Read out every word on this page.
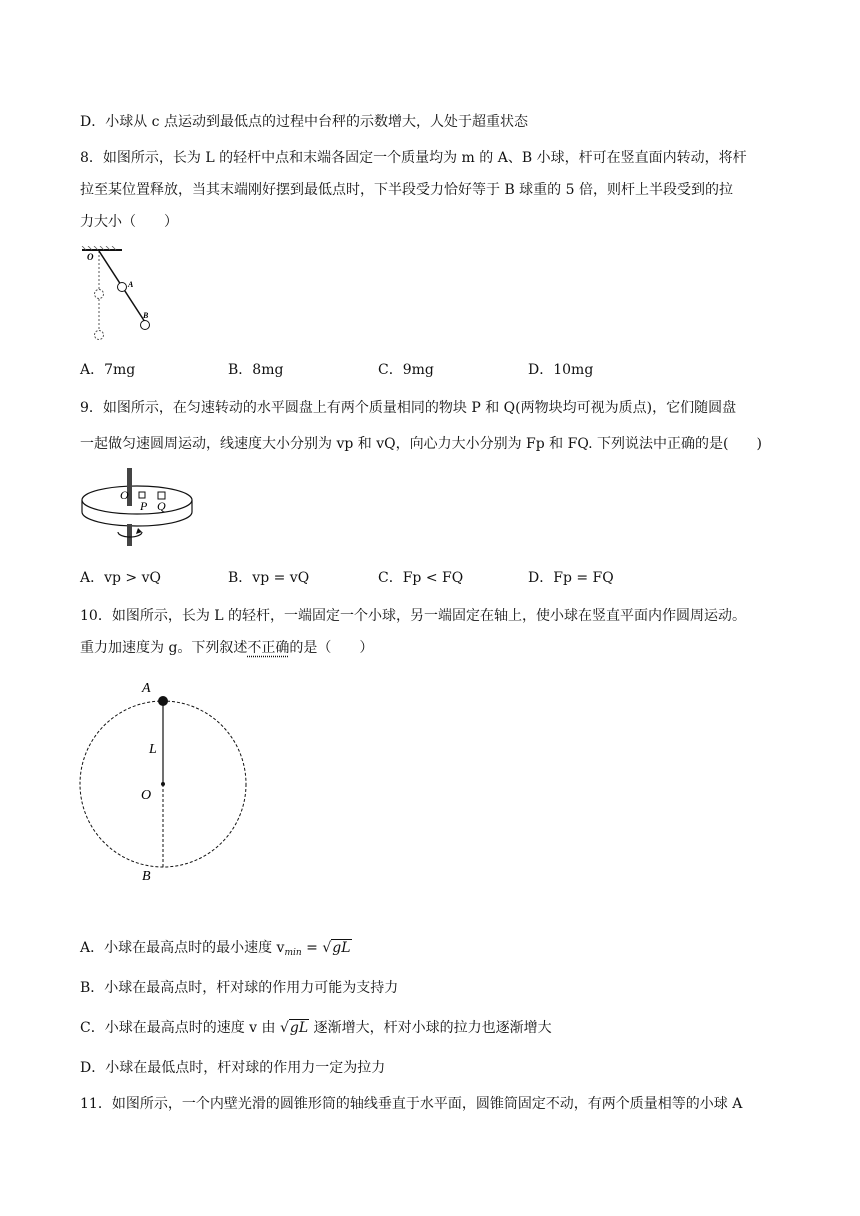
D．小球从 c 点运动到最低点的过程中台秤的示数增大，人处于超重状态
8．如图所示，长为 L 的轻杆中点和末端各固定一个质量均为 m 的 A、B 小球，杆可在竖直面内转动，将杆
拉至某位置释放，当其末端刚好摆到最低点时，下半段受力恰好等于 B 球重的 5 倍，则杆上半段受到的拉
力大小（　　）
O
A
B
A．7mg	B．8mg	C．9mg	D．10mg
9．如图所示，在匀速转动的水平圆盘上有两个质量相同的物块 P 和 Q(两物块均可视为质点)，它们随圆盘
一起做匀速圆周运动，线速度大小分别为 vp 和 vQ，向心力大小分别为 Fp 和 FQ. 下列说法中正确的是(　　)
O
P Q
A．vp > vQ	B．vp = vQ	C．Fp < FQ	D．Fp = FQ
10．如图所示，长为 L 的轻杆，一端固定一个小球，另一端固定在轴上，使小球在竖直平面内作圆周运动。
重力加速度为 g。下列叙述不正确的是（　　）
A
L
O
B
A．小球在最高点时的最小速度 $v_{min} = √gL$
B．小球在最高点时，杆对球的作用力可能为支持力
C．小球在最高点时的速度 v 由 √gL 逐渐增大，杆对小球的拉力也逐渐增大
D．小球在最低点时，杆对球的作用力一定为拉力
11．如图所示，一个内壁光滑的圆锥形筒的轴线垂直于水平面，圆锥筒固定不动，有两个质量相等的小球 A
